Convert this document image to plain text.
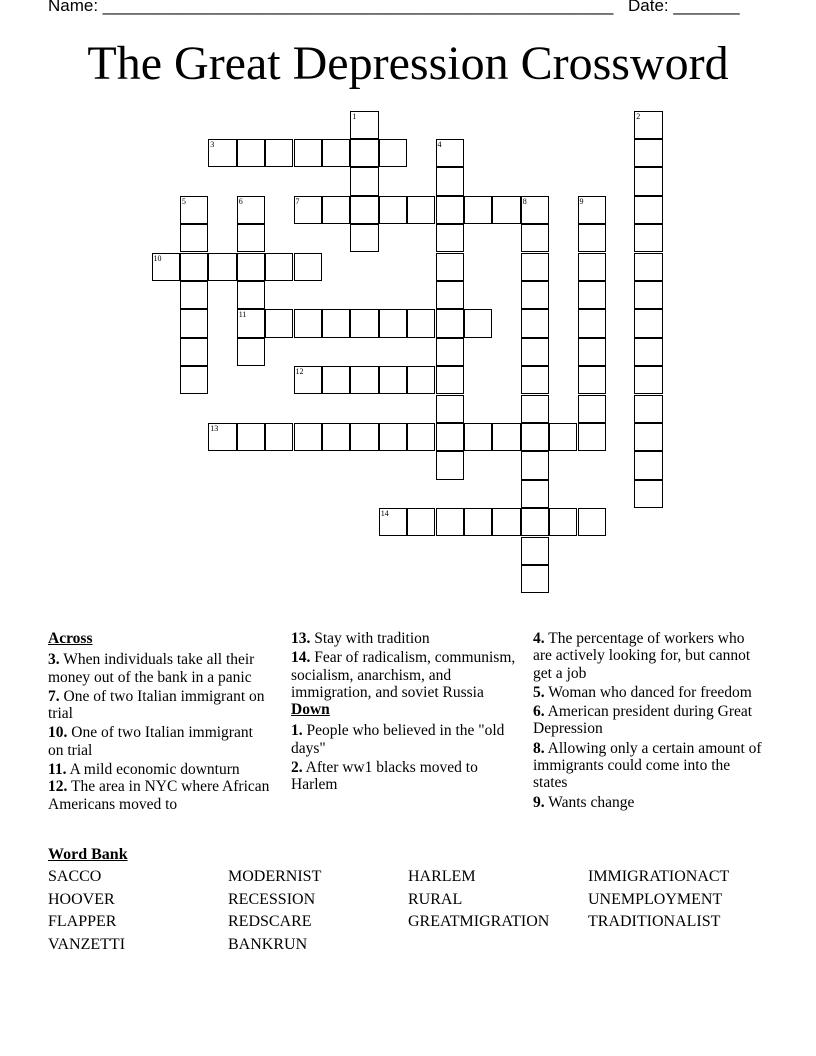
Name: ______________________________________________________ Date: _______
The Great Depression Crossword
1	2
3	4
5	6
11
7	8	9
10
12
13
14
Across
3. When individuals take all their money out of the bank in a panic
7. One of two Italian immigrant on trial
10. One of two Italian immigrant on trial
11. A mild economic downturn
12. The area in NYC where African Americans moved to
13. Stay with tradition
14. Fear of radicalism, communism, socialism, anarchism, and immigration, and soviet Russia
Down
1. People who believed in the "old days"
2. After ww1 blacks moved to Harlem
4. The percentage of workers who are actively looking for, but cannot get a job
5. Woman who danced for freedom
6. American president during Great Depression
8. Allowing only a certain amount of immigrants could come into the states
9. Wants change
Word Bank
SACCO	MODERNIST	HARLEM	IMMIGRATIONACT
HOOVER	RECESSION	RURAL	UNEMPLOYMENT
FLAPPER	REDSCARE	GREATMIGRATION	TRADITIONALIST
VANZETTI	BANKRUN
